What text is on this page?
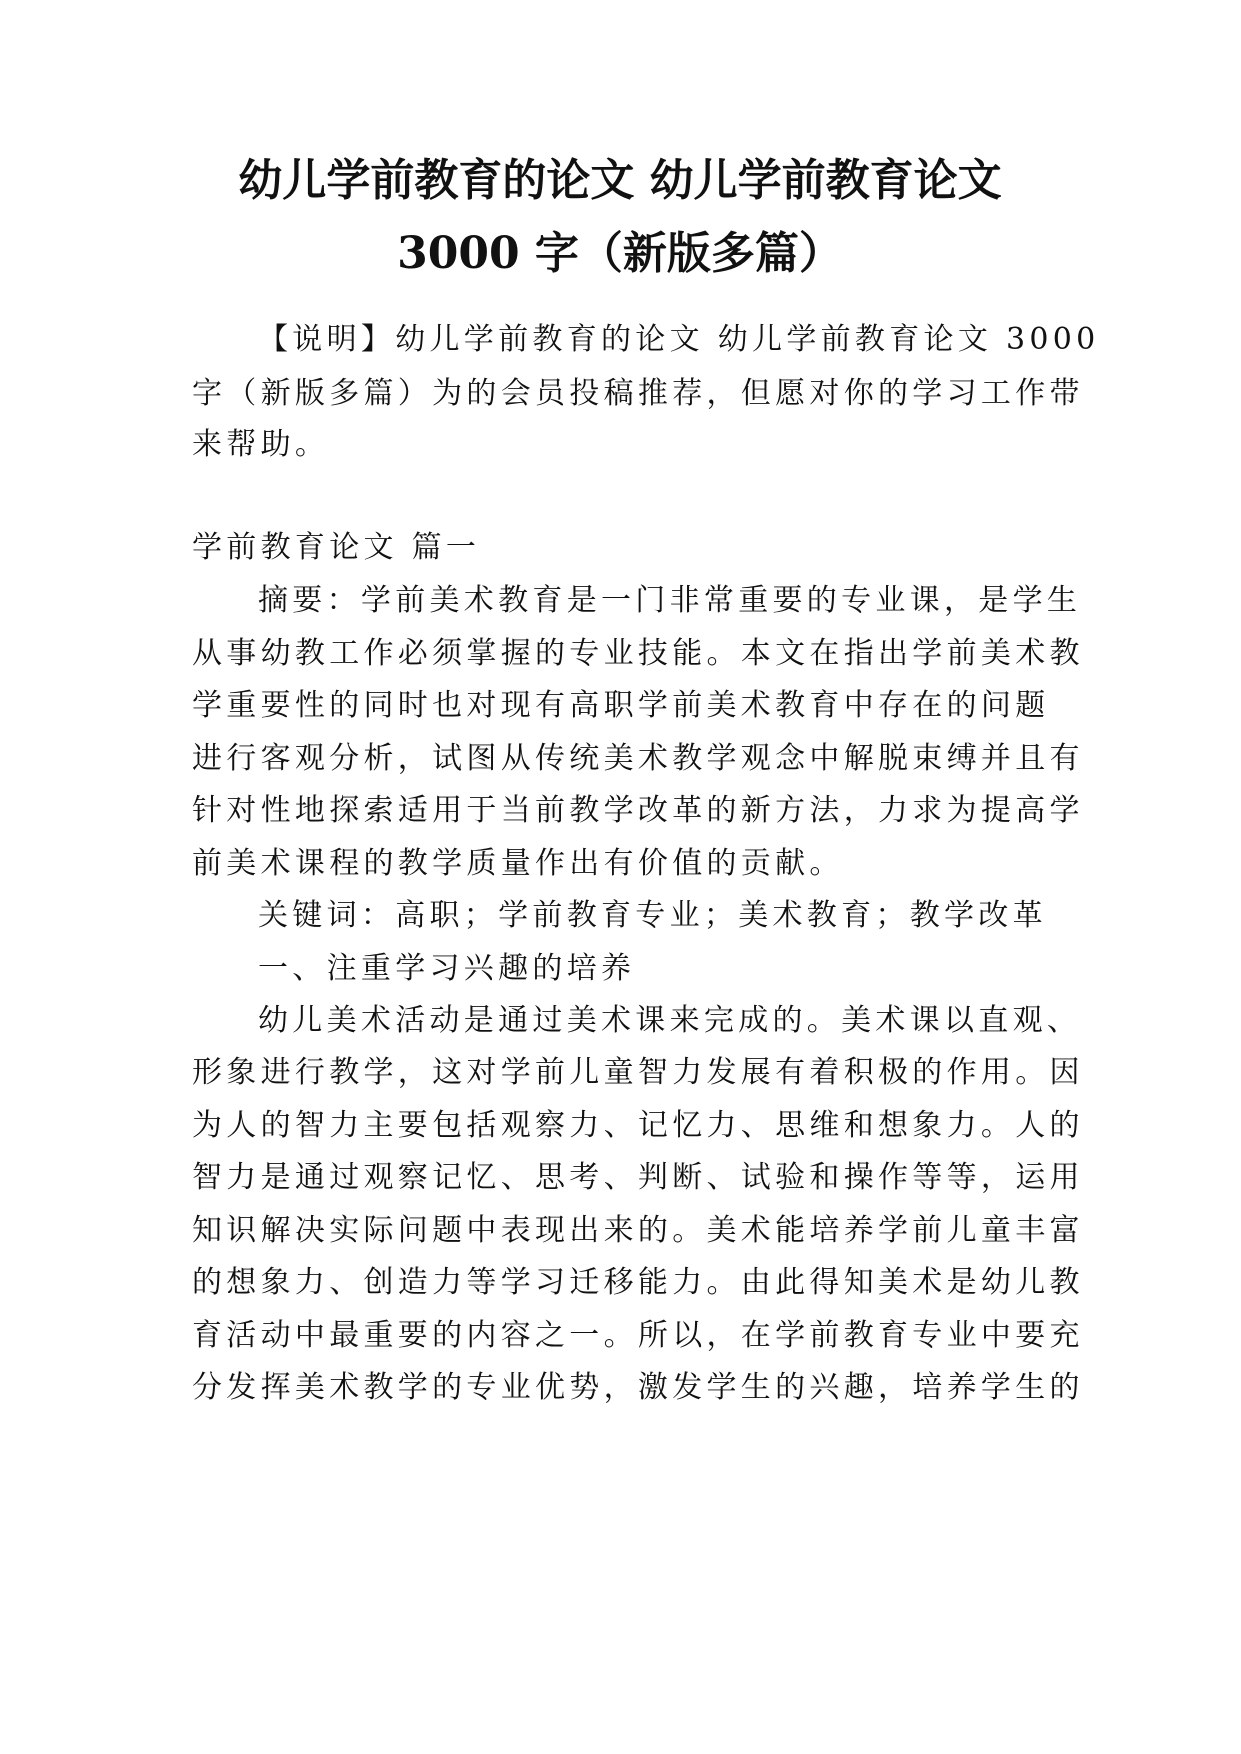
幼儿学前教育的论文 幼儿学前教育论文
3000 字（新版多篇）
【说明】幼儿学前教育的论文 幼儿学前教育论文 3000
字（新版多篇）为的会员投稿推荐，但愿对你的学习工作带
来帮助。
学前教育论文 篇一
摘要：学前美术教育是一门非常重要的专业课，是学生
从事幼教工作必须掌握的专业技能。本文在指出学前美术教
学重要性的同时也对现有高职学前美术教育中存在的问题
进行客观分析，试图从传统美术教学观念中解脱束缚并且有
针对性地探索适用于当前教学改革的新方法，力求为提高学
前美术课程的教学质量作出有价值的贡献。
关键词：高职；学前教育专业；美术教育；教学改革
一、注重学习兴趣的培养
幼儿美术活动是通过美术课来完成的。美术课以直观、
形象进行教学，这对学前儿童智力发展有着积极的作用。因
为人的智力主要包括观察力、记忆力、思维和想象力。人的
智力是通过观察记忆、思考、判断、试验和操作等等，运用
知识解决实际问题中表现出来的。美术能培养学前儿童丰富
的想象力、创造力等学习迁移能力。由此得知美术是幼儿教
育活动中最重要的内容之一。所以，在学前教育专业中要充
分发挥美术教学的专业优势，激发学生的兴趣，培养学生的
